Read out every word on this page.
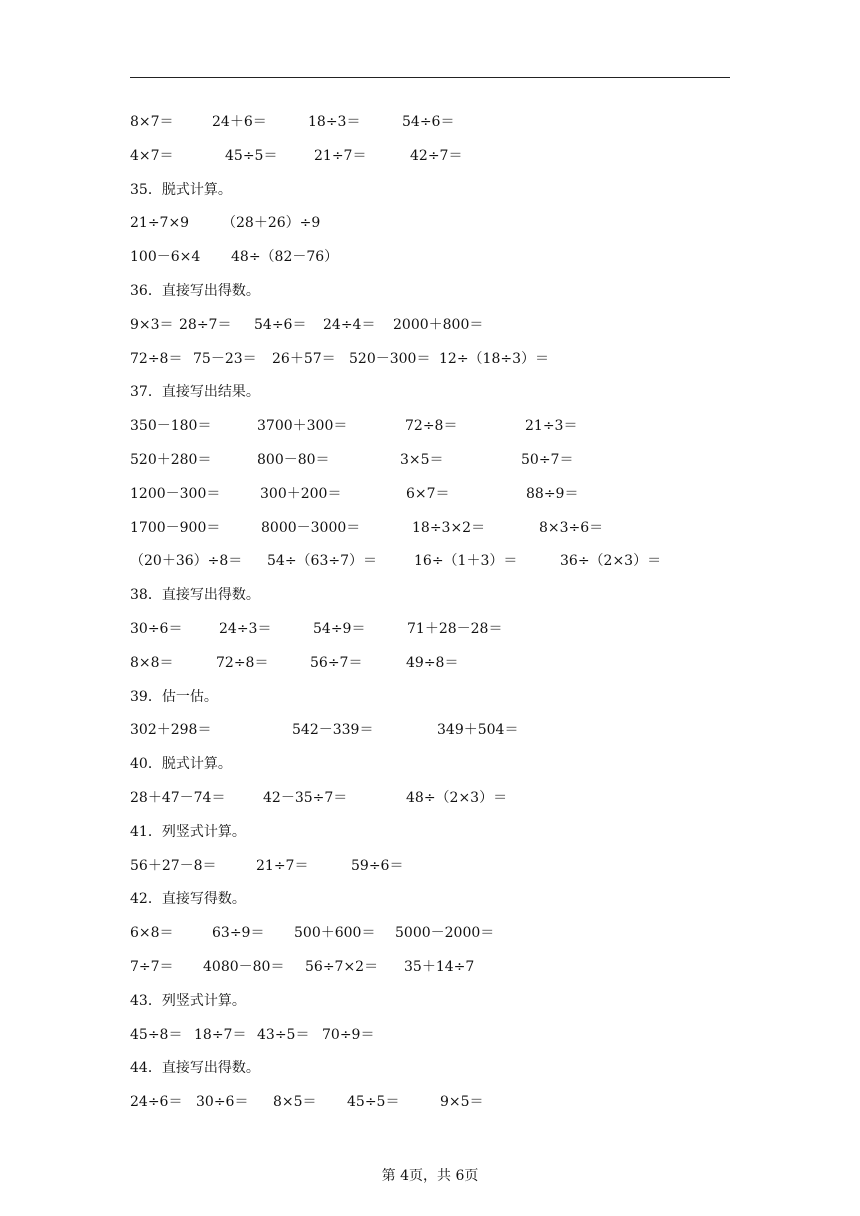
8×7＝	24＋6＝	18÷3＝	54÷6＝
4×7＝	45÷5＝	21÷7＝	42÷7＝
35．脱式计算。
21÷7×9 （28＋26）÷9
100－6×4 48÷（82－76）
36．直接写出得数。
9×3＝ 28÷7＝ 54÷6＝ 24÷4＝ 2000＋800＝
72÷8＝ 75－23＝ 26＋57＝ 520－300＝ 12÷（18÷3）＝
37．直接写出结果。
350－180＝	3700＋300＝	72÷8＝	21÷3＝
520＋280＝	800－80＝	3×5＝	50÷7＝
1200－300＝	300＋200＝	6×7＝	88÷9＝
1700－900＝	8000－3000＝	18÷3×2＝	8×3÷6＝
（20＋36）÷8＝ 54÷（63÷7）＝	16÷（1＋3）＝	36÷（2×3）＝
38．直接写出得数。
30÷6＝	24÷3＝	54÷9＝	71＋28－28＝
8×8＝	72÷8＝	56÷7＝	49÷8＝
39．估一估。
302＋298＝	542－339＝	349＋504＝
40．脱式计算。
28＋47－74＝	42－35÷7＝	48÷（2×3）＝
41．列竖式计算。
56＋27－8＝	21÷7＝	59÷6＝
42．直接写得数。
6×8＝	63÷9＝ 500＋600＝ 5000－2000＝
7÷7＝ 4080－80＝ 56÷7×2＝ 35＋14÷7
43．列竖式计算。
45÷8＝ 18÷7＝ 43÷5＝ 70÷9＝
44．直接写出得数。
24÷6＝ 30÷6＝ 8×5＝ 45÷5＝	9×5＝
第 4页，共 6页
